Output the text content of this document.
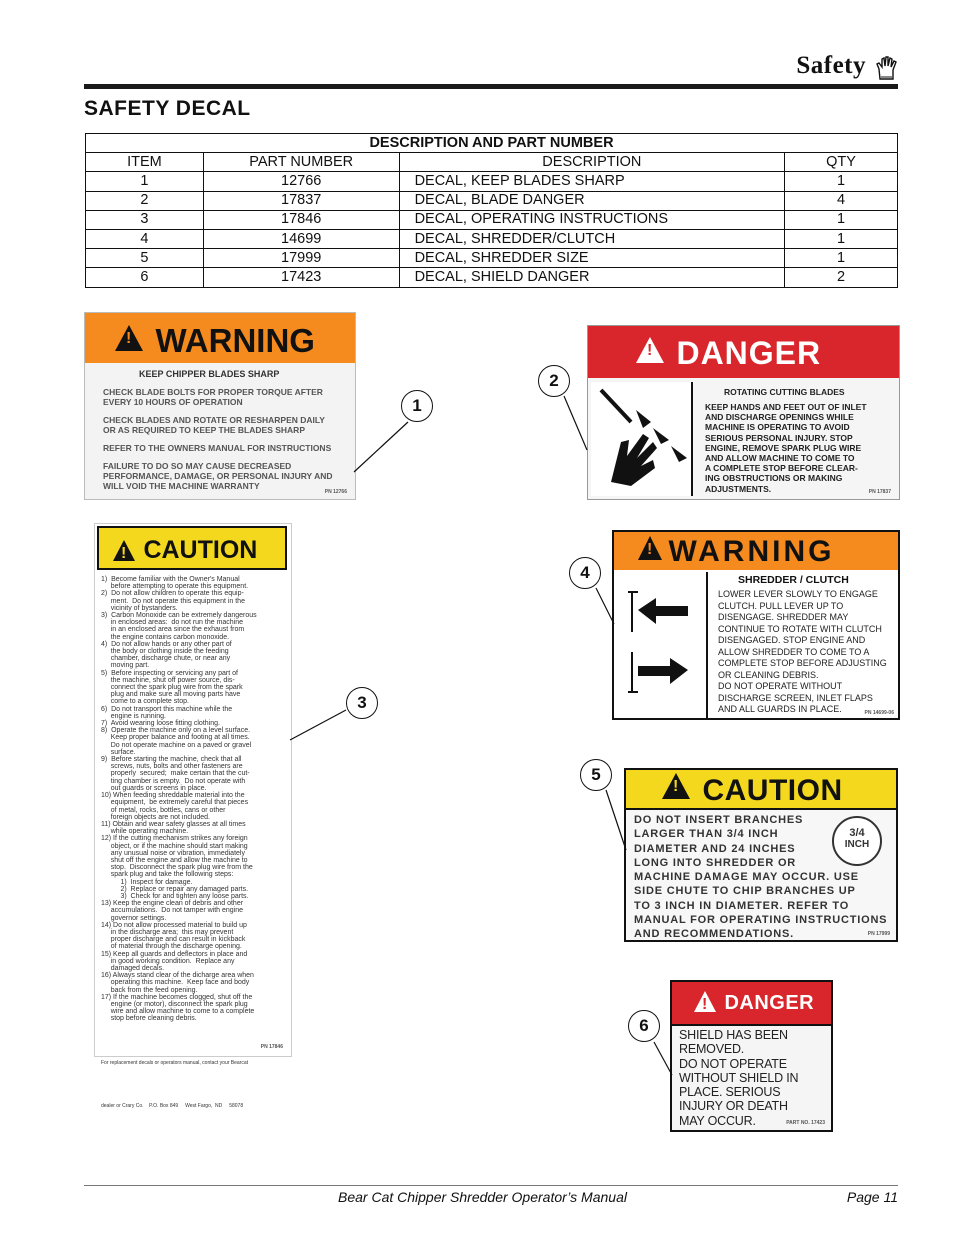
Safety
SAFETY DECAL
DESCRIPTION AND PART NUMBER			
ITEM	PART NUMBER	DESCRIPTION	QTY
1	12766	DECAL, KEEP BLADES SHARP	1
2	17837	DECAL, BLADE DANGER	4
3	17846	DECAL, OPERATING INSTRUCTIONS	1
4	14699	DECAL, SHREDDER/CLUTCH	1
5	17999	DECAL, SHREDDER SIZE	1
6	17423	DECAL, SHIELD DANGER	2
! WARNING
KEEP CHIPPER BLADES SHARP
CHECK BLADE BOLTS FOR PROPER TORQUE AFTER
EVERY 10 HOURS OF OPERATION
CHECK BLADES AND ROTATE OR RESHARPEN DAILY
OR AS REQUIRED TO KEEP THE BLADES SHARP
REFER TO THE OWNERS MANUAL FOR INSTRUCTIONS
FAILURE TO DO SO MAY CAUSE DECREASED
PERFORMANCE, DAMAGE, OR PERSONAL INJURY AND
WILL VOID THE MACHINE WARRANTY
PN 12766
! DANGER
ROTATING CUTTING BLADES
KEEP HANDS AND FEET OUT OF INLET
AND DISCHARGE OPENINGS WHILE
MACHINE IS OPERATING TO AVOID
SERIOUS PERSONAL INJURY. STOP
ENGINE, REMOVE SPARK PLUG WIRE
AND ALLOW MACHINE TO COME TO
A COMPLETE STOP BEFORE CLEAR-
ING OBSTRUCTIONS OR MAKING
ADJUSTMENTS.	PN 17837
! CAUTION
1)  Become familiar with the Owner's Manual
before attempting to operate this equipment.
2)  Do not allow children to operate this equip-
ment.  Do not operate this equipment in the
vicinity of bystanders.
3)  Carbon Monoxide can be extremely dangerous
in enclosed areas:  do not run the machine
in an enclosed area since the exhaust from
the engine contains carbon monoxide.
4)  Do not allow hands or any other part of
the body or clothing inside the feeding
chamber, discharge chute, or near any
moving part.
5)  Before inspecting or servicing any part of
the machine, shut off power source, dis-
connect the spark plug wire from the spark
plug and make sure all moving parts have
come to a complete stop.
6)  Do not transport this machine while the
engine is running.
7)  Avoid wearing loose fitting clothing.
8)  Operate the machine only on a level surface.
Keep proper balance and footing at all times.
Do not operate machine on a paved or gravel
surface.
9)  Before starting the machine, check that all
screws, nuts, bolts and other fasteners are
properly  secured;  make certain that the cut-
ting chamber is empty.  Do not operate with
out guards or screens in place.
10) When feeding shreddable material into the
equipment,  be extremely careful that pieces
of metal, rocks, bottles, cans or other
foreign objects are not included.
11) Obtain and wear safety glasses at all times
while operating machine.
12) If the cutting mechanism strikes any foreign
object, or if the machine should start making
any unusual noise or vibration, immediately
shut off the engine and allow the machine to
stop.  Disconnect the spark plug wire from the
spark plug and take the following steps:
1)  Inspect for damage.
2)  Replace or repair any damaged parts.
3)  Check for and tighten any loose parts.
13) Keep the engine clean of debris and other
accumulations.  Do not tamper with engine
governor settings.
14) Do not allow processed material to build up
in the discharge area;  this may prevent
proper discharge and can result in kickback
of material through the discharge opening.
15) Keep all guards and deflectors in place and
in good working condition.  Replace any
damaged decals.
16) Always stand clear of the dicharge area when
operating this machine.  Keep face and body
back from the feed opening.
17) If the machine becomes clogged, shut off the
engine (or motor), disconnect the spark plug
wire and allow machine to come to a complete
stop before cleaning debris.

For replacement decals or operators manual, contact your Bearcat

dealer or Crary Co.    P.O. Box 849     West Fargo,  ND     58078

PN 17846
! WARNING
SHREDDER / CLUTCH
LOWER LEVER SLOWLY TO ENGAGE
CLUTCH. PULL LEVER UP TO
DISENGAGE. SHREDDER MAY
CONTINUE TO ROTATE WITH CLUTCH
DISENGAGED. STOP ENGINE AND
ALLOW SHREDDER TO COME TO A
COMPLETE STOP BEFORE ADJUSTING
OR CLEANING DEBRIS.
DO NOT OPERATE WITHOUT
DISCHARGE SCREEN, INLET FLAPS
AND ALL GUARDS IN PLACE.	PN 14699-06
! CAUTION
DO NOT INSERT BRANCHES
LARGER THAN 3/4 INCH
DIAMETER AND 24 INCHES
LONG INTO SHREDDER OR
MACHINE DAMAGE MAY OCCUR. USE
SIDE CHUTE TO CHIP BRANCHES UP
TO 3 INCH IN DIAMETER. REFER TO
MANUAL FOR OPERATING INSTRUCTIONS
AND RECOMMENDATIONS.
3/4
INCH
PN 17999
! DANGER
SHIELD HAS BEEN
REMOVED.
DO NOT OPERATE
WITHOUT SHIELD IN
PLACE. SERIOUS
INJURY OR DEATH
MAY OCCUR.	PART NO. 17423
1
2
3
4
5
6
Bear Cat Chipper Shredder Operator’s Manual	Page 11
